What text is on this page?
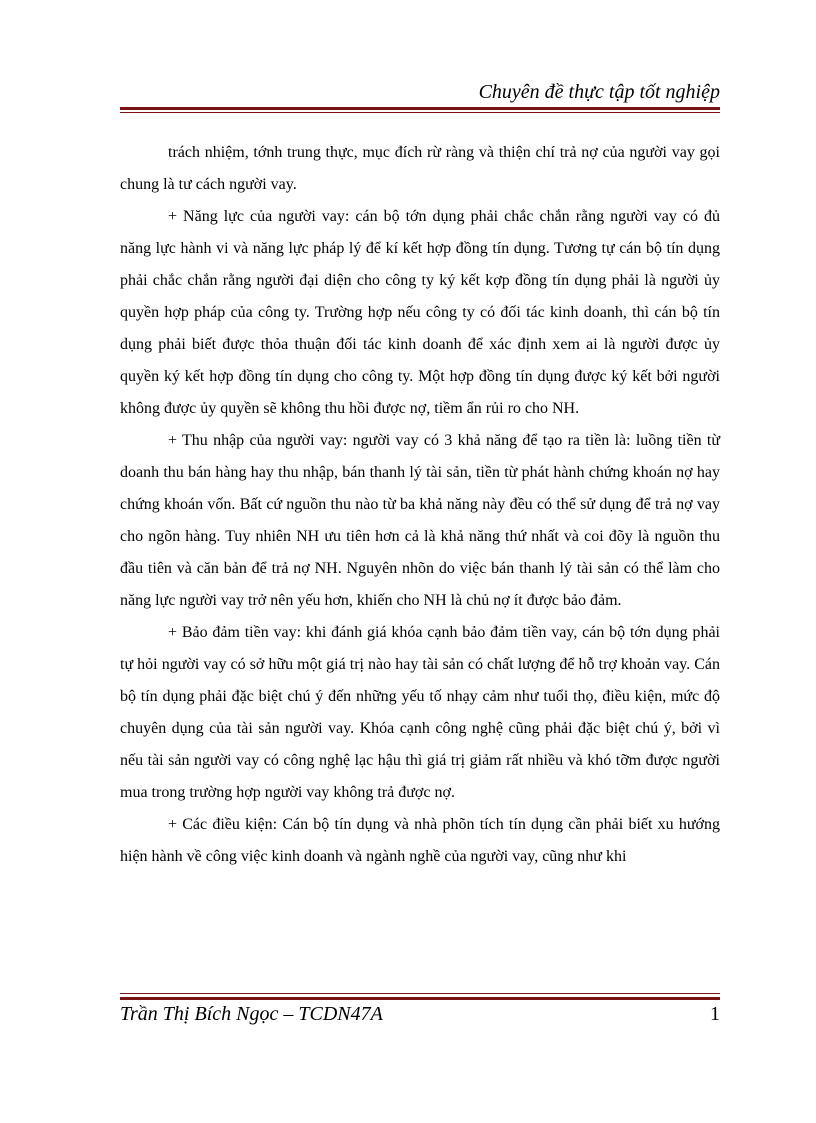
Chuyên đề thực tập tốt nghiệp

trách nhiệm, tớnh trung thực, mục đích rừ ràng và thiện chí trả nợ của người vay gọi chung là tư cách người vay.

+ Năng lực của người vay: cán bộ tớn dụng phải chắc chắn rằng người vay có đủ năng lực hành vi và năng lực pháp lý để kí kết hợp đồng tín dụng. Tương tự cán bộ tín dụng phải chắc chắn rằng người đại diện cho công ty ký kết kợp đồng tín dụng phải là người ủy quyền hợp pháp của công ty. Trường hợp nếu công ty có đối tác kinh doanh, thì cán bộ tín dụng phải biết được thỏa thuận đối tác kinh doanh để xác định xem ai là người được ủy quyền ký kết hợp đồng tín dụng cho công ty. Một hợp đồng tín dụng được ký kết bởi người không được ủy quyền sẽ không thu hồi được nợ, tiềm ẩn rủi ro cho NH.

+ Thu nhập của người vay: người vay có 3 khả năng để tạo ra tiền là: luồng tiền từ doanh thu bán hàng hay thu nhập, bán thanh lý tài sản, tiền từ phát hành chứng khoán nợ hay chứng khoán vốn. Bất cứ nguồn thu nào từ ba khả năng này đều có thể sử dụng để trả nợ vay cho ngõn hàng. Tuy nhiên NH ưu tiên hơn cả là khả năng thứ nhất và coi đõy là nguồn thu đầu tiên và căn bản để trả nợ NH. Nguyên nhõn do việc bán thanh lý tài sản có thể làm cho năng lực người vay trở nên yếu hơn, khiến cho NH là chủ nợ ít được bảo đảm.

+ Bảo đảm tiền vay: khi đánh giá khóa cạnh bảo đảm tiền vay, cán bộ tớn dụng phải tự hỏi người vay có sở hữu một giá trị nào hay tài sản có chất lượng để hỗ trợ khoản vay. Cán bộ tín dụng phải đặc biệt chú ý đến những yếu tố nhạy cảm như tuổi thọ, điều kiện, mức độ chuyên dụng của tài sản người vay. Khóa cạnh công nghệ cũng phải đặc biệt chú ý, bởi vì nếu tài sản người vay có công nghệ lạc hậu thì giá trị giảm rất nhiều và khó tỡm được người mua trong trường hợp người vay không trả được nợ.

+ Các điều kiện: Cán bộ tín dụng và nhà phõn tích tín dụng cần phải biết xu hướng hiện hành về công việc kinh doanh và ngành nghề của người vay, cũng như khi

Trần Thị Bích Ngọc – TCDN47A	1
